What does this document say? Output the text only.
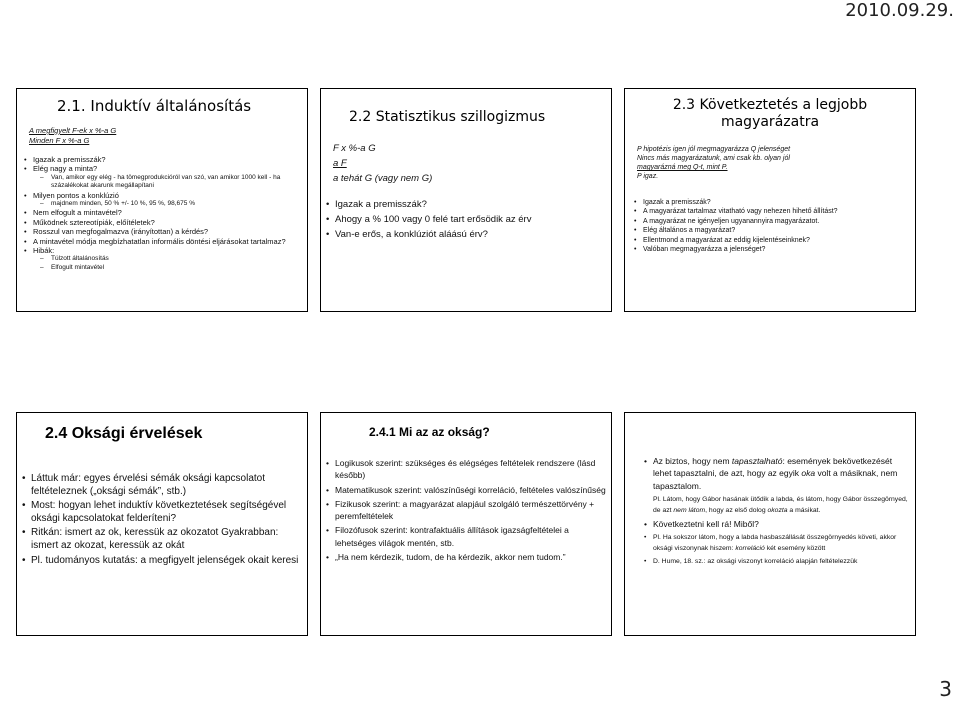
2010.09.29.
2.1. Induktív általánosítás
A megfigyelt F-ek x %-a G
Minden F x %-a G
• Igazak a premisszák?
• Elég nagy a minta?
– Van, amikor egy elég - ha tömegprodukcióról van szó, van amikor 1000 kell - ha százalékokat akarunk megállapítani
• Milyen pontos a konklúzió
– majdnem minden, 50 % +/- 10 %, 95 %, 98,675 %
• Nem elfogult a mintavétel?
• Működnek sztereotípiák, előítéletek?
• Rosszul van megfogalmazva (irányítottan) a kérdés?
• A mintavétel módja megbízhatatlan informális döntési eljárásokat tartalmaz?
• Hibák:
– Túlzott általánosítás
– Elfogult mintavétel
2.2 Statisztikus szillogizmus
F x %-a G
a F
a tehát G (vagy nem G)
• Igazak a premisszák?
• Ahogy a % 100 vagy 0 felé tart erősödik az érv
• Van-e erős, a konklúziót aláású érv?
2.3 Következtetés a legjobb
magyarázatra
P hipotézis igen jól megmagyarázza Q jelenséget
Nincs más magyarázatunk, ami csak kb. olyan jól
magyarázná meg Q-t, mint P.
P igaz.
• Igazak a premisszák?
• A magyarázat tartalmaz vitatható vagy nehezen hihető állítást?
• A magyarázat ne igényeljen ugyanannyira magyarázatot.
• Elég általános a magyarázat?
• Ellentmond a magyarázat az eddig kijelentéseinknek?
• Valóban megmagyarázza a jelenséget?
2.4 Oksági érvelések
• Láttuk már: egyes érvelési sémák oksági kapcsolatot feltételeznek („oksági sémák”, stb.)
• Most: hogyan lehet induktív következtetések segítségével oksági kapcsolatokat felderíteni?
• Ritkán: ismert az ok, keressük az okozatot Gyakrabban: ismert az okozat, keressük az okát
• Pl. tudományos kutatás: a megfigyelt jelenségek okait keresi
2.4.1 Mi az az okság?
• Logikusok szerint: szükséges és elégséges feltételek rendszere (lásd később)
• Matematikusok szerint: valószínűségi korreláció, feltételes valószínűség
• Fizikusok szerint: a magyarázat alapjául szolgáló természettörvény + peremfeltételek
• Filozófusok szerint: kontrafaktuális állítások igazságfeltételei a lehetséges világok mentén, stb.
• „Ha nem kérdezik, tudom, de ha kérdezik, akkor nem tudom.”
• Az biztos, hogy nem tapasztalható: események bekövetkezését lehet tapasztalni, de azt, hogy az egyik oka volt a másiknak, nem tapasztalom.
Pl. Látom, hogy Gábor hasának ütődik a labda, és látom, hogy Gábor összegörnyed, de azt nem látom, hogy az első dolog okozta a másikat.
• Következtetni kell rá! Miből?
• Pl. Ha sokszor látom, hogy a labda hasbaszállását összegörnyedés követi, akkor oksági viszonynak hiszem: korreláció két esemény között
• D. Hume, 18. sz.: az oksági viszonyt korreláció alapján feltételezzük
3
